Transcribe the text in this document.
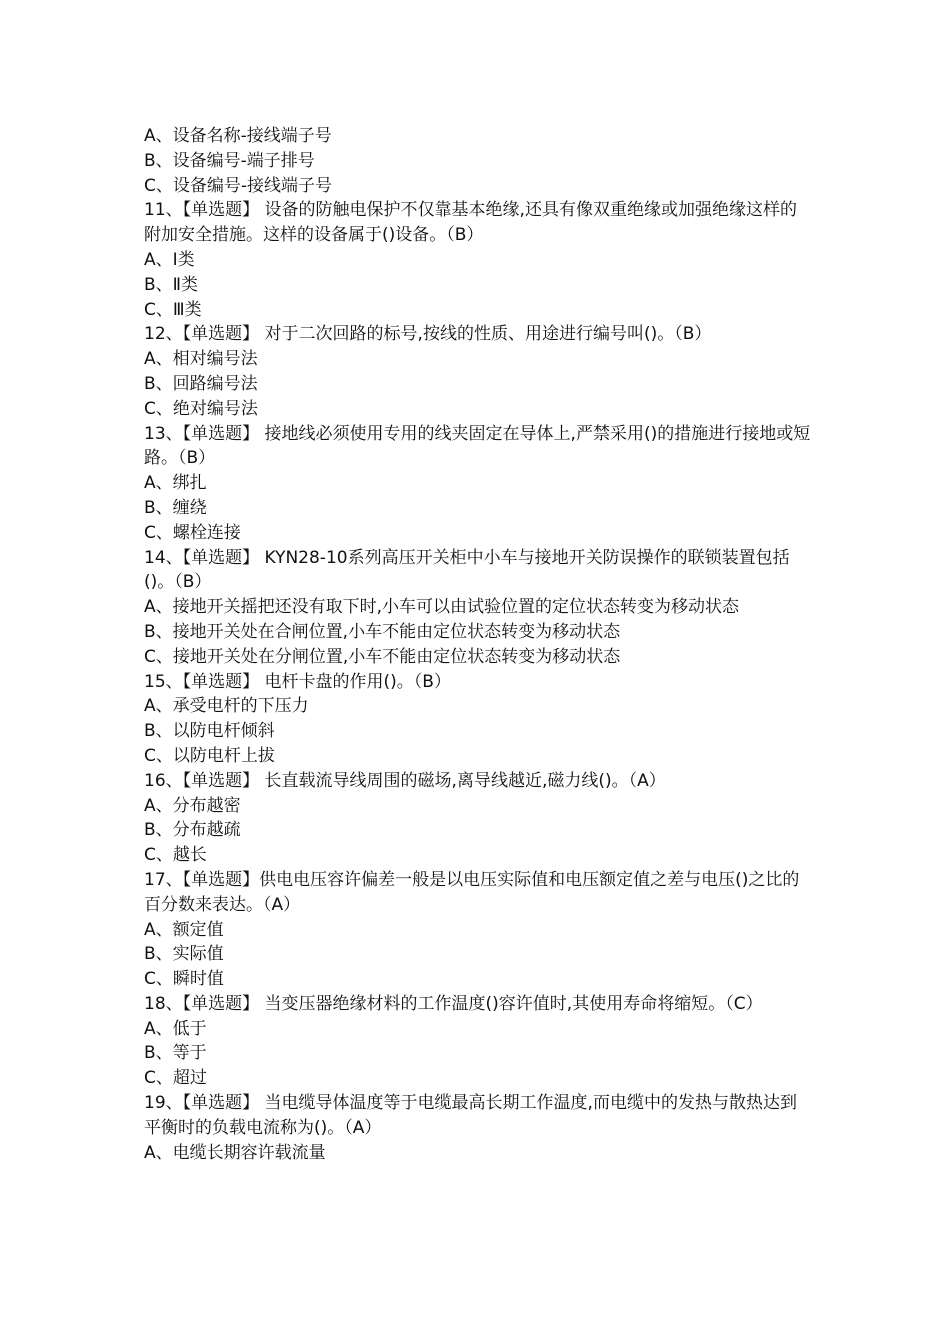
A、设备名称-接线端子号

B、设备编号-端子排号

C、设备编号-接线端子号

11、【单选题】 设备的防触电保护不仅靠基本绝缘,还具有像双重绝缘或加强绝缘这样的附加安全措施。这样的设备属于()设备。（B）

A、I类

B、Ⅱ类

C、Ⅲ类

12、【单选题】 对于二次回路的标号,按线的性质、用途进行编号叫()。（B）

A、相对编号法

B、回路编号法

C、绝对编号法

13、【单选题】 接地线必须使用专用的线夹固定在导体上,严禁采用()的措施进行接地或短路。（B）

A、绑扎

B、缠绕

C、螺栓连接

14、【单选题】 KYN28-10系列高压开关柜中小车与接地开关防误操作的联锁装置包括()。（B）

A、接地开关摇把还没有取下时,小车可以由试验位置的定位状态转变为移动状态

B、接地开关处在合闸位置,小车不能由定位状态转变为移动状态

C、接地开关处在分闸位置,小车不能由定位状态转变为移动状态

15、【单选题】 电杆卡盘的作用()。（B）

A、承受电杆的下压力

B、以防电杆倾斜

C、以防电杆上拔

16、【单选题】 长直载流导线周围的磁场,离导线越近,磁力线()。（A）

A、分布越密

B、分布越疏

C、越长

17、【单选题】供电电压容许偏差一般是以电压实际值和电压额定值之差与电压()之比的百分数来表达。（A）

A、额定值

B、实际值

C、瞬时值

18、【单选题】 当变压器绝缘材料的工作温度()容许值时,其使用寿命将缩短。（C）

A、低于

B、等于

C、超过

19、【单选题】 当电缆导体温度等于电缆最高长期工作温度,而电缆中的发热与散热达到平衡时的负载电流称为()。（A）

A、电缆长期容许载流量
